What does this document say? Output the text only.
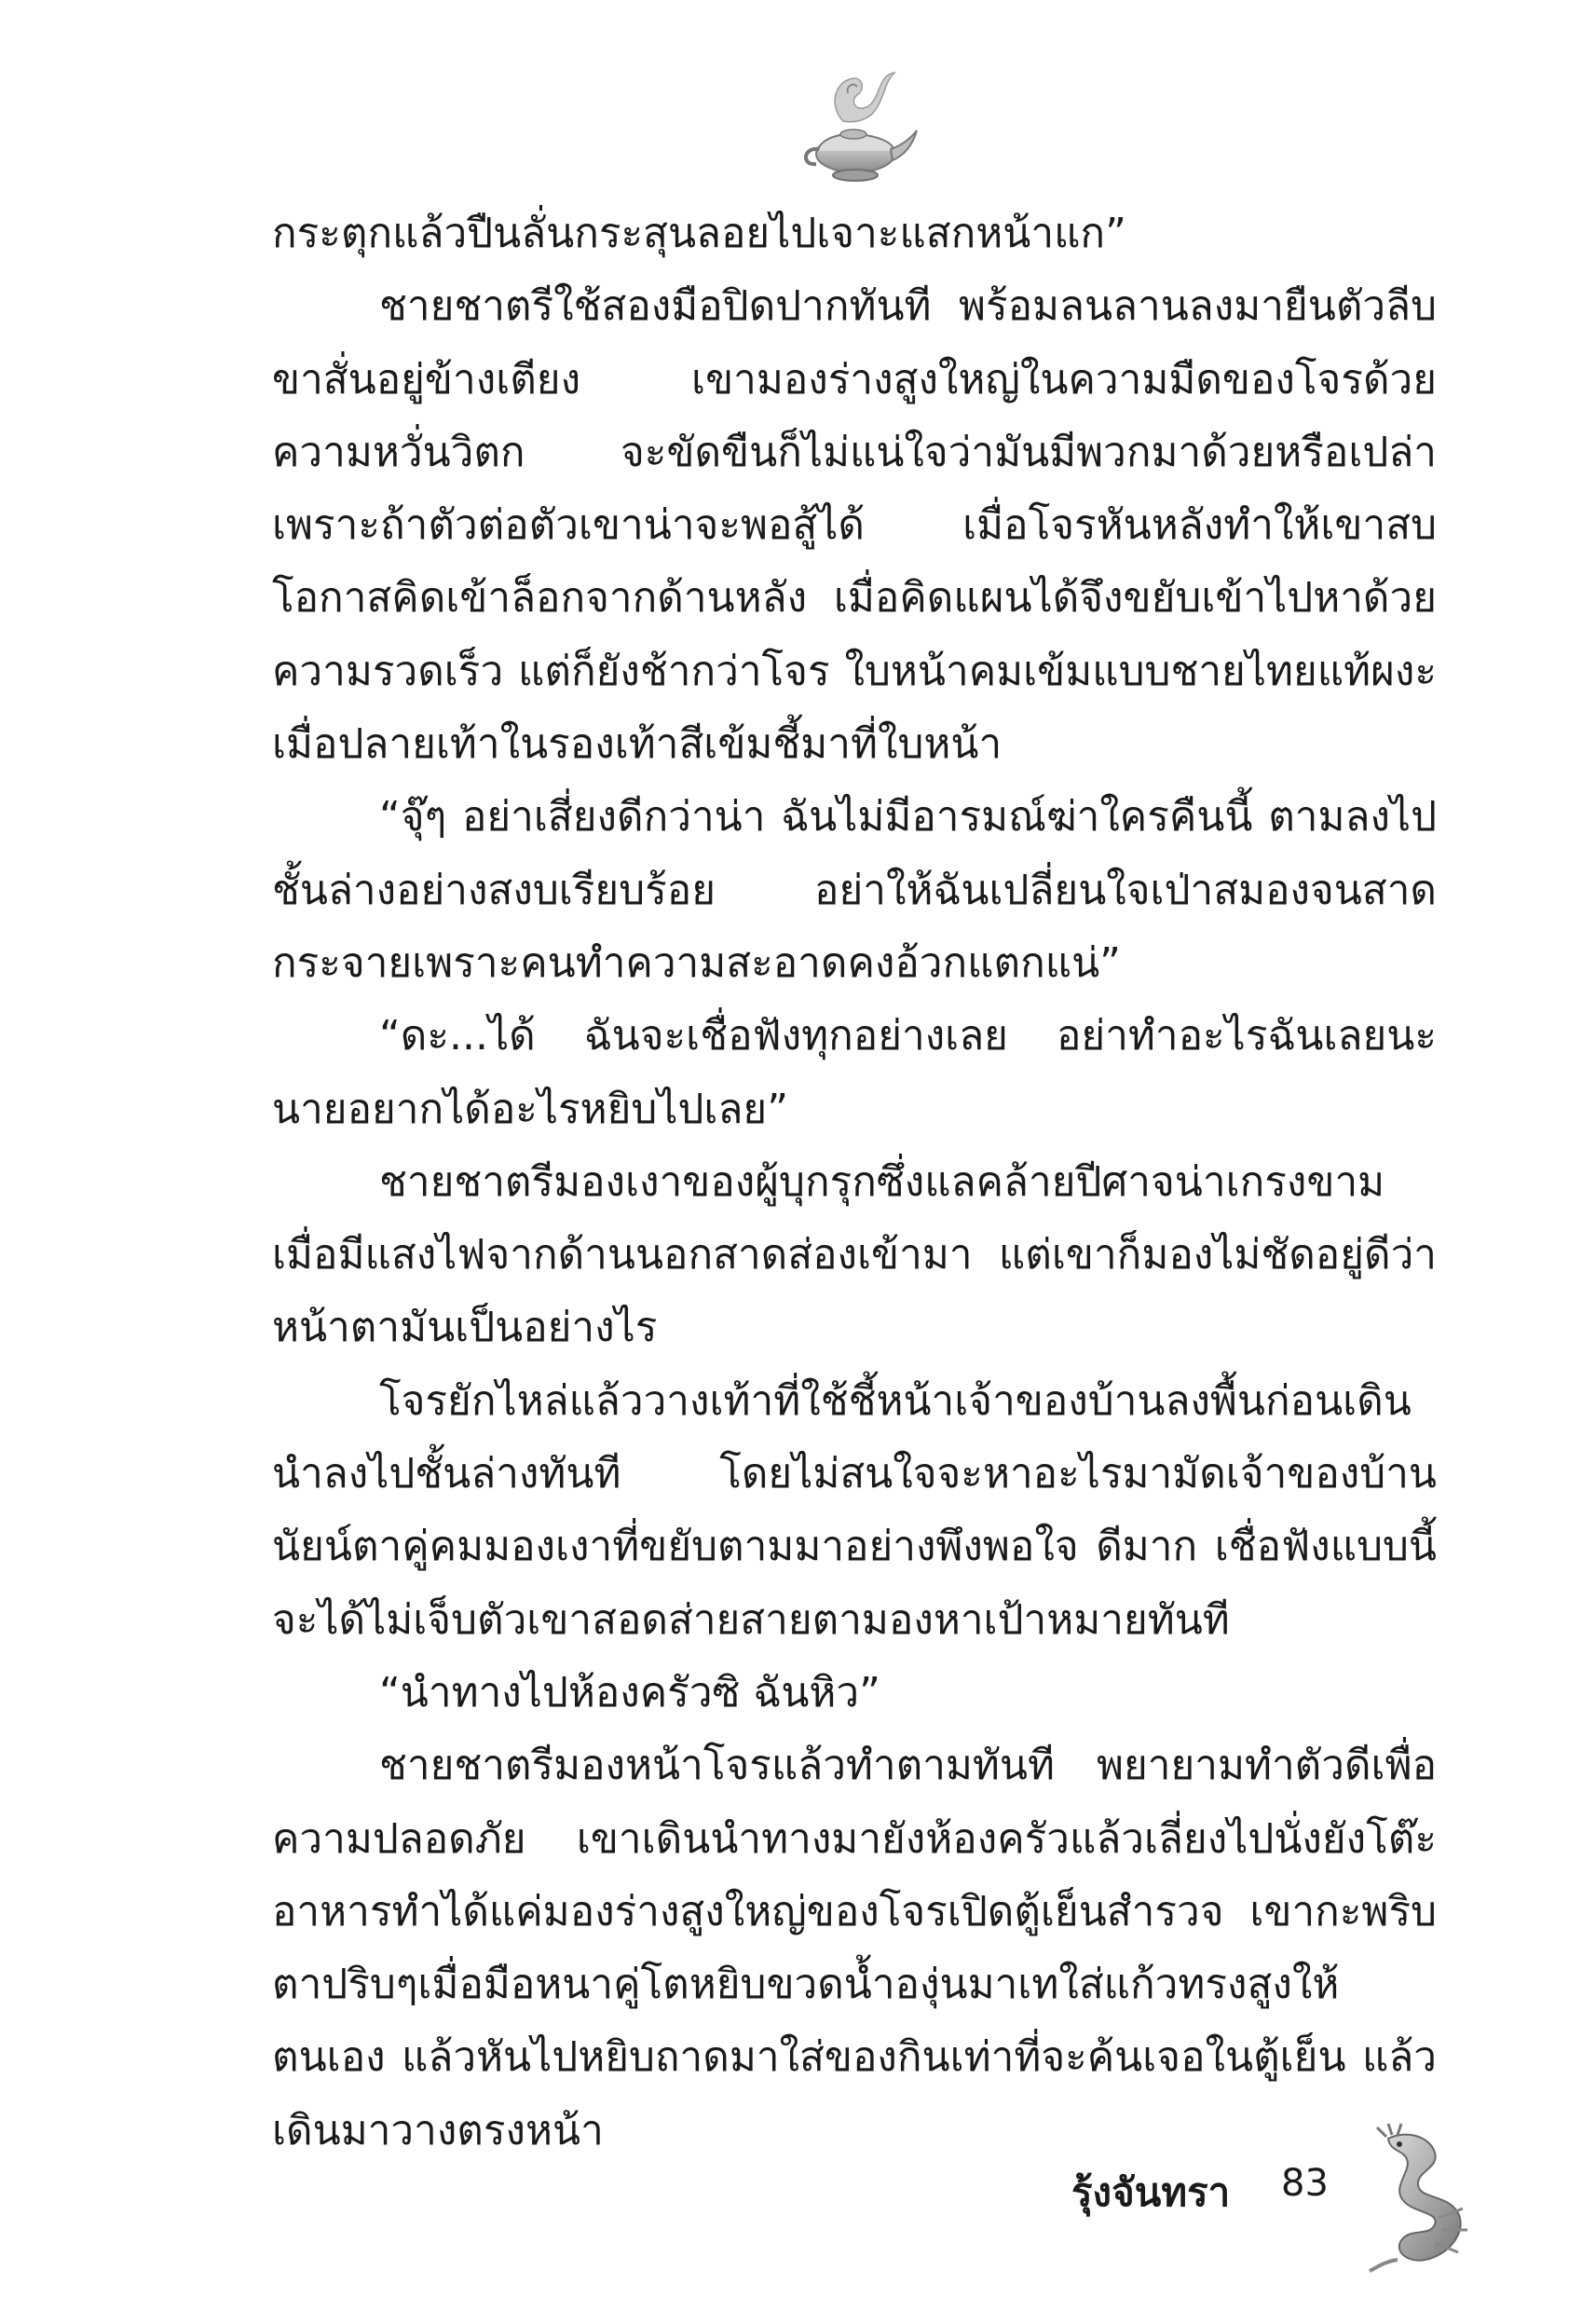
กระตุกแล้วปืนลั่นกระสุนลอยไปเจาะแสกหน้าแก”

ชายชาตรีใช้สองมือปิดปากทันที พร้อมลนลานลงมายืนตัวลีบขาสั่นอยู่ข้างเตียง เขามองร่างสูงใหญ่ในความมืดของโจรด้วยความหวั่นวิตก จะขัดขืนก็ไม่แน่ใจว่ามันมีพวกมาด้วยหรือเปล่า เพราะถ้าตัวต่อตัวเขาน่าจะพอสู้ได้ เมื่อโจรหันหลังทำให้เขาสบโอกาสคิดเข้าล็อกจากด้านหลัง เมื่อคิดแผนได้จึงขยับเข้าไปหาด้วยความรวดเร็ว แต่ก็ยังช้ากว่าโจร ใบหน้าคมเข้มแบบชายไทยแท้ผงะเมื่อปลายเท้าในรองเท้าสีเข้มชี้มาที่ใบหน้า

“จุ๊ๆ อย่าเสี่ยงดีกว่าน่า ฉันไม่มีอารมณ์ฆ่าใครคืนนี้ ตามลงไปชั้นล่างอย่างสงบเรียบร้อย อย่าให้ฉันเปลี่ยนใจเป่าสมองจนสาดกระจายเพราะคนทำความสะอาดคงอ้วกแตกแน่”

“ดะ...ได้ ฉันจะเชื่อฟังทุกอย่างเลย อย่าทำอะไรฉันเลยนะ นายอยากได้อะไรหยิบไปเลย”

ชายชาตรีมองเงาของผู้บุกรุกซึ่งแลคล้ายปีศาจน่าเกรงขามเมื่อมีแสงไฟจากด้านนอกสาดส่องเข้ามา แต่เขาก็มองไม่ชัดอยู่ดีว่าหน้าตามันเป็นอย่างไร

โจรยักไหล่แล้ววางเท้าที่ใช้ชี้หน้าเจ้าของบ้านลงพื้นก่อนเดินนำลงไปชั้นล่างทันที โดยไม่สนใจจะหาอะไรมามัดเจ้าของบ้าน นัยน์ตาคู่คมมองเงาที่ขยับตามมาอย่างพึงพอใจ ดีมาก เชื่อฟังแบบนี้จะได้ไม่เจ็บตัวเขาสอดส่ายสายตามองหาเป้าหมายทันที

“นำทางไปห้องครัวซิ ฉันหิว”

ชายชาตรีมองหน้าโจรแล้วทำตามทันที พยายามทำตัวดีเพื่อความปลอดภัย เขาเดินนำทางมายังห้องครัวแล้วเลี่ยงไปนั่งยังโต๊ะอาหารทำได้แค่มองร่างสูงใหญ่ของโจรเปิดตู้เย็นสำรวจ เขากะพริบตาปริบๆเมื่อมือหนาคู่โตหยิบขวดน้ำองุ่นมาเทใส่แก้วทรงสูงให้ตนเอง แล้วหันไปหยิบถาดมาใส่ของกินเท่าที่จะค้นเจอในตู้เย็น แล้วเดินมาวางตรงหน้า

รุ้งจันทรา 83
